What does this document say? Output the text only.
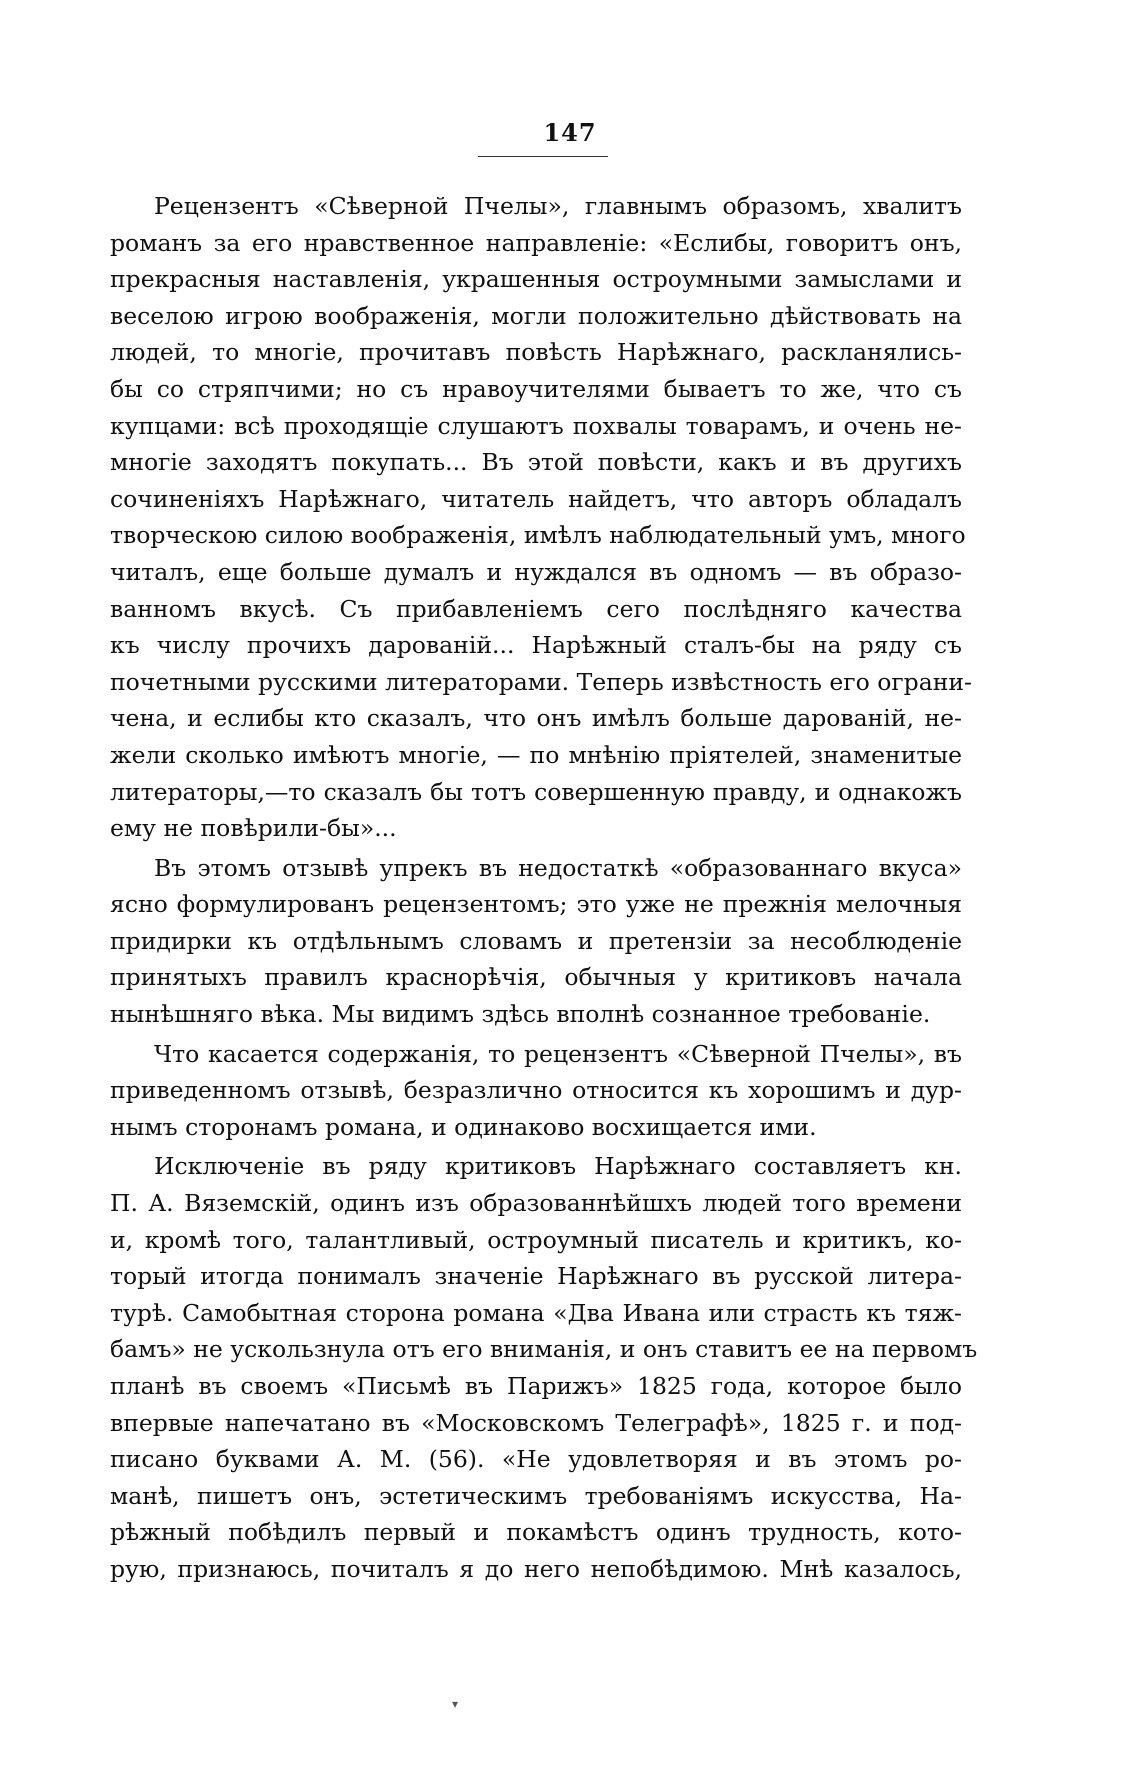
147
Рецензентъ «Сѣверной Пчелы», главнымъ образомъ, хвалитъ
романъ за его нравственное направленіе: «Еслибы, говоритъ онъ,
прекрасныя наставленія, украшенныя остроумными замыслами и
веселою игрою воображенія, могли положительно дѣйствовать на
людей, то многіе, прочитавъ повѣсть Нарѣжнаго, раскланялись-
бы со стряпчими; но съ нравоучителями бываетъ то же, что съ
купцами: всѣ проходящіе слушаютъ похвалы товарамъ, и очень не-
многіе заходятъ покупать... Въ этой повѣсти, какъ и въ другихъ
сочиненіяхъ Нарѣжнаго, читатель найдетъ, что авторъ обладалъ
творческою силою воображенія, имѣлъ наблюдательный умъ, много
читалъ, еще больше думалъ и нуждался въ одномъ — въ образо-
ванномъ вкусѣ. Съ прибавленіемъ сего послѣдняго качества
къ числу прочихъ дарованій... Нарѣжный сталъ-бы на ряду съ
почетными русскими литераторами. Теперь извѣстность его ограни-
чена, и еслибы кто сказалъ, что онъ имѣлъ больше дарованій, не-
жели сколько имѣютъ многіе, — по мнѣнію пріятелей, знаменитые
литераторы,—то сказалъ бы тотъ совершенную правду, и однакожъ
ему не повѣрили-бы»...
Въ этомъ отзывѣ упрекъ въ недостаткѣ «образованнаго вкуса»
ясно формулированъ рецензентомъ; это уже не прежнія мелочныя
придирки къ отдѣльнымъ словамъ и претензіи за несоблюденіе
принятыхъ правилъ краснорѣчія, обычныя у критиковъ начала
нынѣшняго вѣка. Мы видимъ здѣсь вполнѣ сознанное требованіе.
Что касается содержанія, то рецензентъ «Сѣверной Пчелы», въ
приведенномъ отзывѣ, безразлично относится къ хорошимъ и дур-
нымъ сторонамъ романа, и одинаково восхищается ими.
Исключеніе въ ряду критиковъ Нарѣжнаго составляетъ кн.
П. А. Вяземскій, одинъ изъ образованнѣйшхъ людей того времени
и, кромѣ того, талантливый, остроумный писатель и критикъ, ко-
торый итогда понималъ значеніе Нарѣжнаго въ русской литера-
турѣ. Самобытная сторона романа «Два Ивана или страсть къ тяж-
бамъ» не ускользнула отъ его вниманія, и онъ ставитъ ее на первомъ
планѣ въ своемъ «Письмѣ въ Парижъ» 1825 года, которое было
впервые напечатано въ «Московскомъ Телеграфѣ», 1825 г. и под-
писано буквами А. М. (56). «Не удовлетворяя и въ этомъ ро-
манѣ, пишетъ онъ, эстетическимъ требованіямъ искусства, На-
рѣжный побѣдилъ первый и покамѣстъ одинъ трудность, кото-
рую, признаюсь, почиталъ я до него непобѣдимою. Мнѣ казалось,
▾
